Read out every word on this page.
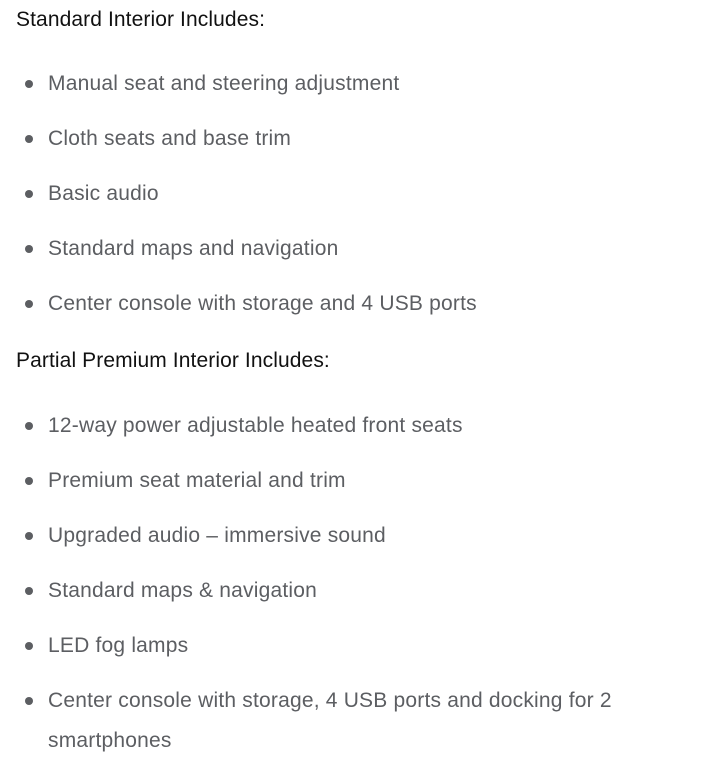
Standard Interior Includes:
Manual seat and steering adjustment
Cloth seats and base trim
Basic audio
Standard maps and navigation
Center console with storage and 4 USB ports
Partial Premium Interior Includes:
12-way power adjustable heated front seats
Premium seat material and trim
Upgraded audio – immersive sound
Standard maps & navigation
LED fog lamps
Center console with storage, 4 USB ports and docking for 2 smartphones
